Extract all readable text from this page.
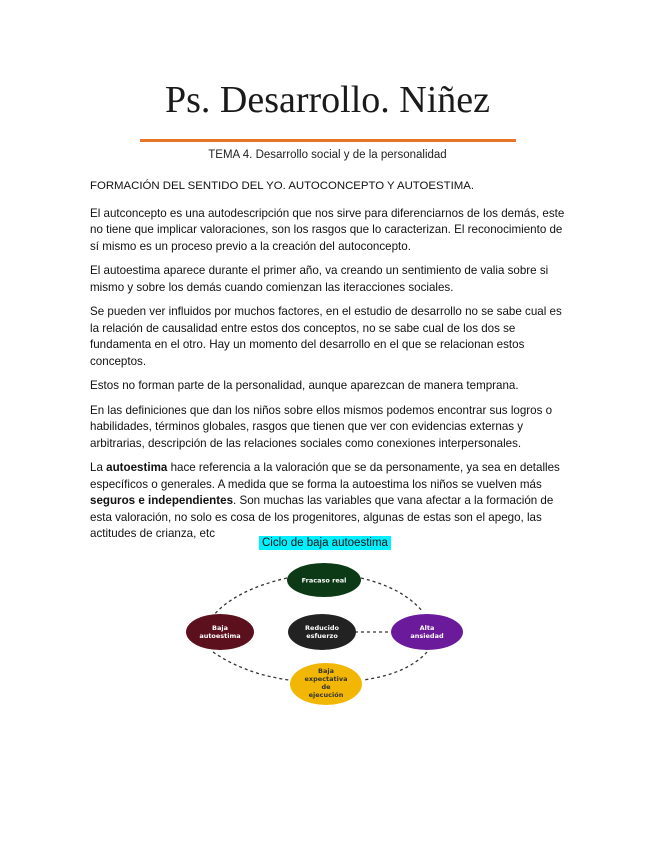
Ps. Desarrollo. Niñez
TEMA 4. Desarrollo social y de la personalidad

FORMACIÓN DEL SENTIDO DEL YO. AUTOCONCEPTO Y AUTOESTIMA.

El autconcepto es una autodescripción que nos sirve para diferenciarnos de los demás, este no tiene que implicar valoraciones, son los rasgos que lo caracterizan. El reconocimiento de sí mismo es un proceso previo a la creación del autoconcepto.

El autoestima aparece durante el primer año, va creando un sentimiento de valia sobre si mismo y sobre los demás cuando comienzan las iteracciones sociales.

Se pueden ver influidos por muchos factores, en el estudio de desarrollo no se sabe cual es la relación de causalidad entre estos dos conceptos, no se sabe cual de los dos se fundamenta en el otro. Hay un momento del desarrollo en el que se relacionan estos conceptos.

Estos no forman parte de la personalidad, aunque aparezcan de manera temprana.

En las definiciones que dan los niños sobre ellos mismos podemos encontrar sus logros o habilidades, términos globales, rasgos que tienen que ver con evidencias externas y arbitrarias, descripción de las relaciones sociales como conexiones interpersonales.

La autoestima hace referencia a la valoración que se da personamente, ya sea en detalles específicos o generales. A medida que se forma la autoestima los niños se vuelven más seguros e independientes. Son muchas las variables que vana afectar a la formación de esta valoración, no solo es cosa de los progenitores, algunas de estas son el apego, las actitudes de crianza, etc

Ciclo de baja autoestima
Fracaso real
Baja
autoestima
Reducido
esfuerzo
Alta
ansiedad
Baja
expectativa
de
ejecución
